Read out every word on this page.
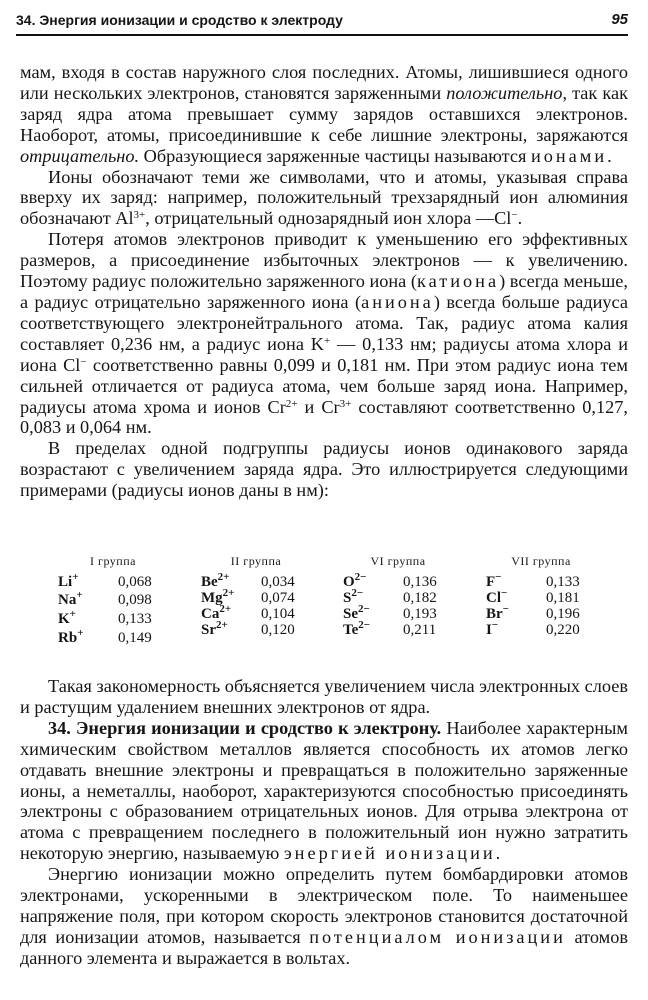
34. Энергия ионизации и сродство к электроду	95

мам, входя в состав наружного слоя последних. Атомы, лишившиеся одного или нескольких электронов, становятся заряженными положительно, так как заряд ядра атома превышает сумму зарядов оставшихся электронов. Наоборот, атомы, присоединившие к себе лишние электроны, заряжаются отрицательно. Образующиеся заряженные частицы называются ионами.

Ионы обозначают теми же символами, что и атомы, указывая справа вверху их заряд: например, положительный трехзарядный ион алюминия обозначают $Al^{3+}$, отрицательный однозарядный ион хлора —Cl−.

Потеря атомов электронов приводит к уменьшению его эффективных размеров, а присоединение избыточных электронов — к увеличению. Поэтому радиус положительно заряженного иона (катиона) всегда меньше, а радиус отрицательно заряженного иона (аниона) всегда больше радиуса соответствующего электронейтрального атома. Так, радиус атома калия составляет 0,236 нм, а радиус иона K+ — 0,133 нм; радиусы атома хлора и иона Cl− соответственно равны 0,099 и 0,181 нм. При этом радиус иона тем сильней отличается от радиуса атома, чем больше заряд иона. Например, радиусы атома хрома и ионов $Cr^{2+}$ и $Cr^{3+}$ составляют соответственно 0,127, 0,083 и 0,064 нм.

В пределах одной подгруппы радиусы ионов одинакового заряда возрастают с увеличением заряда ядра. Это иллюстрируется следующими примерами (радиусы ионов даны в нм):

I группа
Li+	0,068
Na+ 0,098
K+	0,133
Rb+ 0,149
II группа
$Be^{2+}$ 0,034
$Mg^{2+}$ 0,074
$Ca^{2+}$ 0,104
$Sr^{2+}$ 0,120
VI группа
$O^{2-}$ 0,136
$S^{2-}$	0,182
$Se^{2-}$ 0,193
$Te^{2-}$ 0,211
VII группа
F−	0,133
Cl−	0,181
Br− 0,196
I−	0,220

Такая закономерность объясняется увеличением числа электронных слоев и растущим удалением внешних электронов от ядра.

34. Энергия ионизации и сродство к электрону. Наиболее характерным химическим свойством металлов является способность их атомов легко отдавать внешние электроны и превращаться в положительно заряженные ионы, а неметаллы, наоборот, характеризуются способностью присоединять электроны с образованием отрицательных ионов. Для отрыва электрона от атома с превращением последнего в положительный ион нужно затратить некоторую энергию, называемую энергией ионизации.

Энергию ионизации можно определить путем бомбардировки атомов электронами, ускоренными в электрическом поле. То наименьшее напряжение поля, при котором скорость электронов становится достаточной для ионизации атомов, называется потенциалом ионизации атомов данного элемента и выражается в вольтах.
